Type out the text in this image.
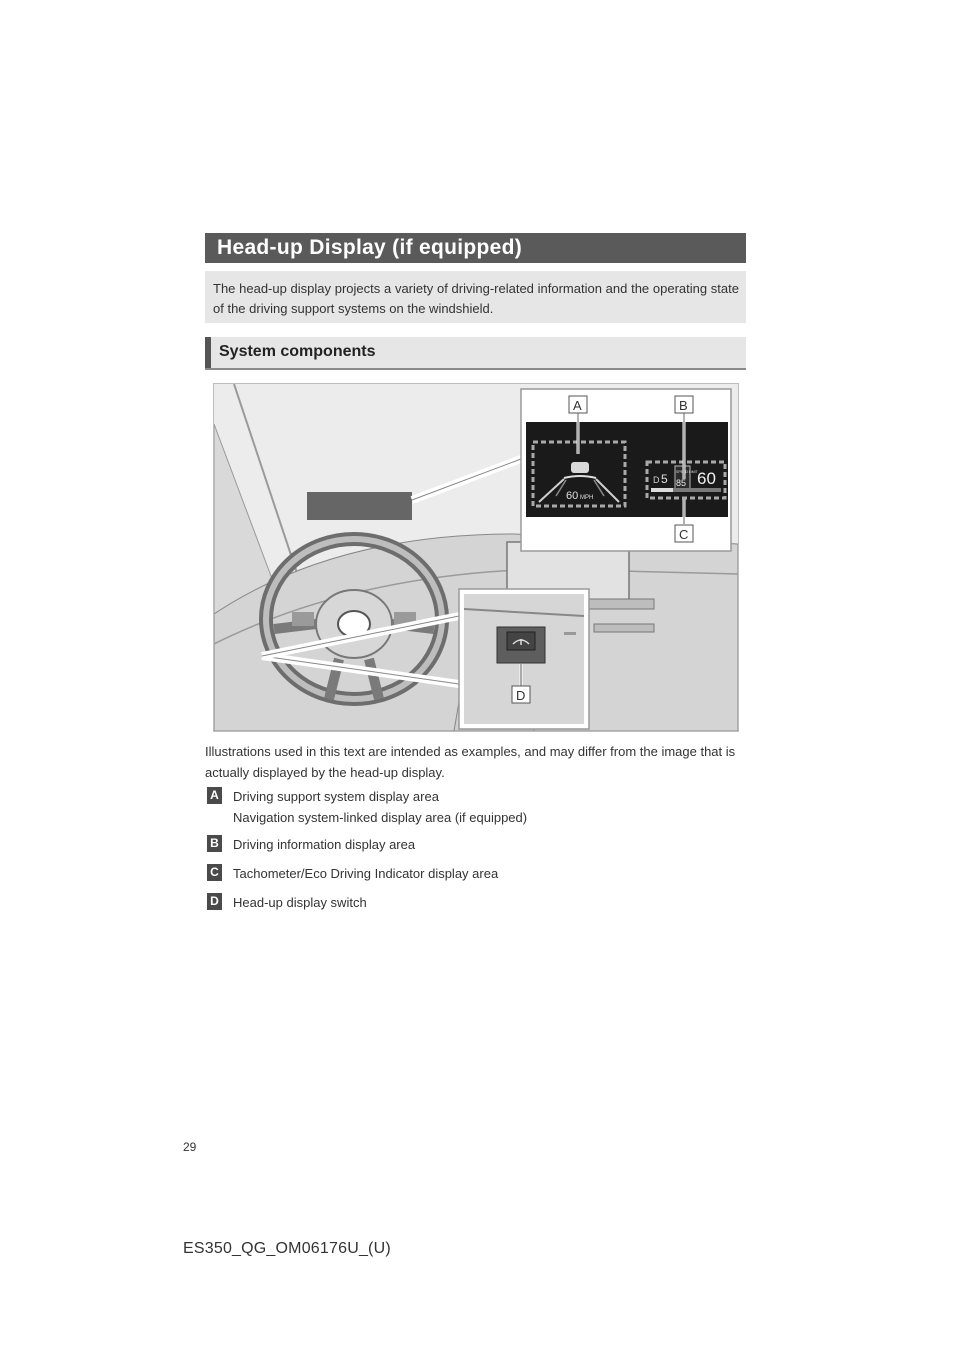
Head-up Display (if equipped)

The head-up display projects a variety of driving-related information and the operating state of the driving support systems on the windshield.

System components
60 MPH
D 5 SPEED LIMIT
85 60
A	B
C
D
Illustrations used in this text are intended as examples, and may differ from the image that is actually displayed by the head-up display.
A Driving support system display area
Navigation system-linked display area (if equipped)
B Driving information display area
C Tachometer/Eco Driving Indicator display area
D Head-up display switch
29
ES350_QG_OM06176U_(U)
